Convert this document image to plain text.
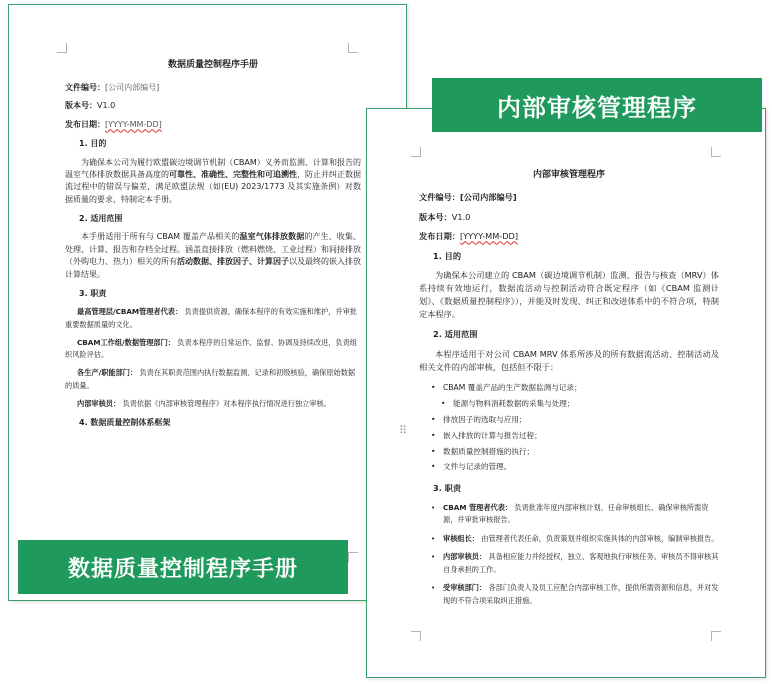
数据质量控制程序手册
文件编号：[公司内部编号]
版本号：V1.0
发布日期：[YYYY-MM-DD]
1. 目的

为确保本公司为履行欧盟碳边境调节机制（CBAM）义务而监测、计算和报告的温室气体排放数据具备高度的可靠性、准确性、完整性和可追溯性，防止并纠正数据流过程中的错误与偏差，满足欧盟法规（如(EU) 2023/1773 及其实施条例）对数据质量的要求，特制定本手册。

2. 适用范围

本手册适用于所有与 CBAM 覆盖产品相关的温室气体排放数据的产生、收集、处理、计算、报告和存档全过程。涵盖直接排放（燃料燃烧、工业过程）和间接排放（外购电力、热力）相关的所有活动数据、排放因子、计算因子以及最终的嵌入排放计算结果。

3. 职责

最高管理层/CBAM管理者代表： 负责提供资源，确保本程序的有效实施和维护，并审批重要数据质量的文化。

CBAM工作组/数据管理部门： 负责本程序的日常运作、监督、协调及持续改进，负责组织风险评估。

各生产/职能部门： 负责在其职责范围内执行数据监测、记录和初级核验，确保原始数据的质量。

内部审核员： 负责依据《内部审核管理程序》对本程序执行情况进行独立审核。

4. 数据质量控制体系框架
内部审核管理程序
文件编号：[公司内部编号]
版本号：V1.0
发布日期：[YYYY-MM-DD]
1. 目的

为确保本公司建立的 CBAM（碳边境调节机制）监测、报告与核查（MRV）体系持续有效地运行，数据流活动与控制活动符合既定程序（如《CBAM 监测计划》、《数据质量控制程序》），并能及时发现、纠正和改进体系中的不符合项，特制定本程序。

2. 适用范围

本程序适用于对公司 CBAM MRV 体系所涉及的所有数据流活动、控制活动及相关文件的内部审核，包括但不限于：

• CBAM 覆盖产品的生产数据监测与记录；
• 能源与物料消耗数据的采集与处理；
• 排放因子的选取与应用；
• 嵌入排放的计算与报告过程；
• 数据质量控制措施的执行；
• 文件与记录的管理。
3. 职责
• CBAM 管理者代表： 负责批准年度内部审核计划、任命审核组长、确保审核所需资源，并审批审核报告。
• 审核组长： 由管理者代表任命，负责策划并组织实施具体的内部审核，编制审核报告。
• 内部审核员： 具备相应能力并经授权，独立、客观地执行审核任务。审核员不得审核其自身承担的工作。
• 受审核部门： 各部门负责人及员工应配合内部审核工作，提供所需资源和信息，并对发现的不符合项采取纠正措施。
⠿
内部审核管理程序
数据质量控制程序手册
